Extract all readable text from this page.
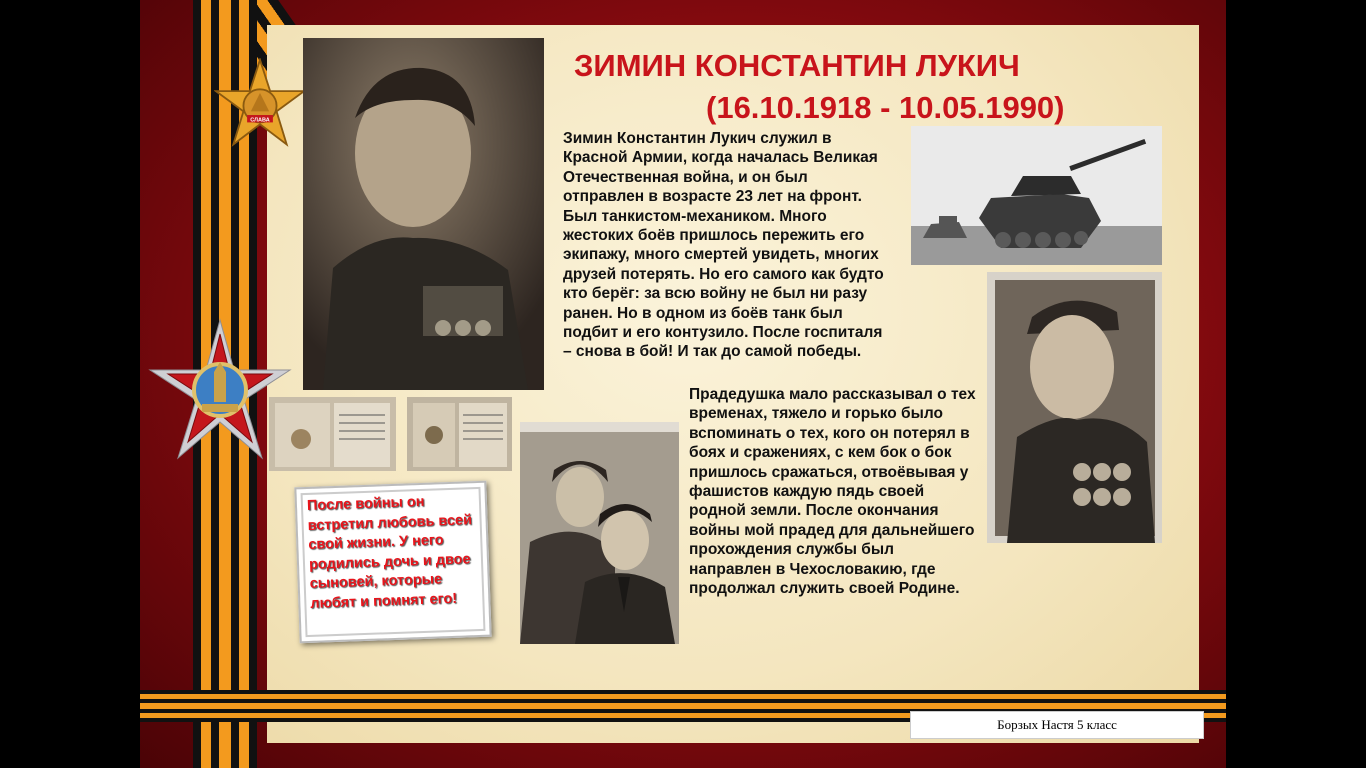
СЛАВА
ЗИМИН КОНСТАНТИН ЛУКИЧ
(16.10.1918 - 10.05.1990)

Зимин Константин Лукич служил в Красной Армии, когда началась Великая Отечественная война, и он был отправлен в возрасте 23 лет на фронт. Был танкистом-механиком. Много жестоких боёв пришлось пережить его экипажу, много смертей увидеть, многих друзей потерять. Но его самого как будто кто берёг: за всю войну не был ни разу ранен. Но в одном из боёв танк был подбит и его контузило. После госпиталя – снова в бой! И так до самой победы.

Прадедушка мало рассказывал о тех временах, тяжело и горько было вспоминать о тех, кого он потерял в боях и сражениях, с кем бок о бок пришлось сражаться, отвоёвывая у фашистов каждую пядь своей родной земли. После окончания войны мой прадед для дальнейшего прохождения службы был направлен в Чехословакию, где продолжал служить своей Родине.

После войны он встретил любовь всей свой жизни. У него родились дочь и двое сыновей, которые любят и помнят его!
Борзых Настя 5 класс
